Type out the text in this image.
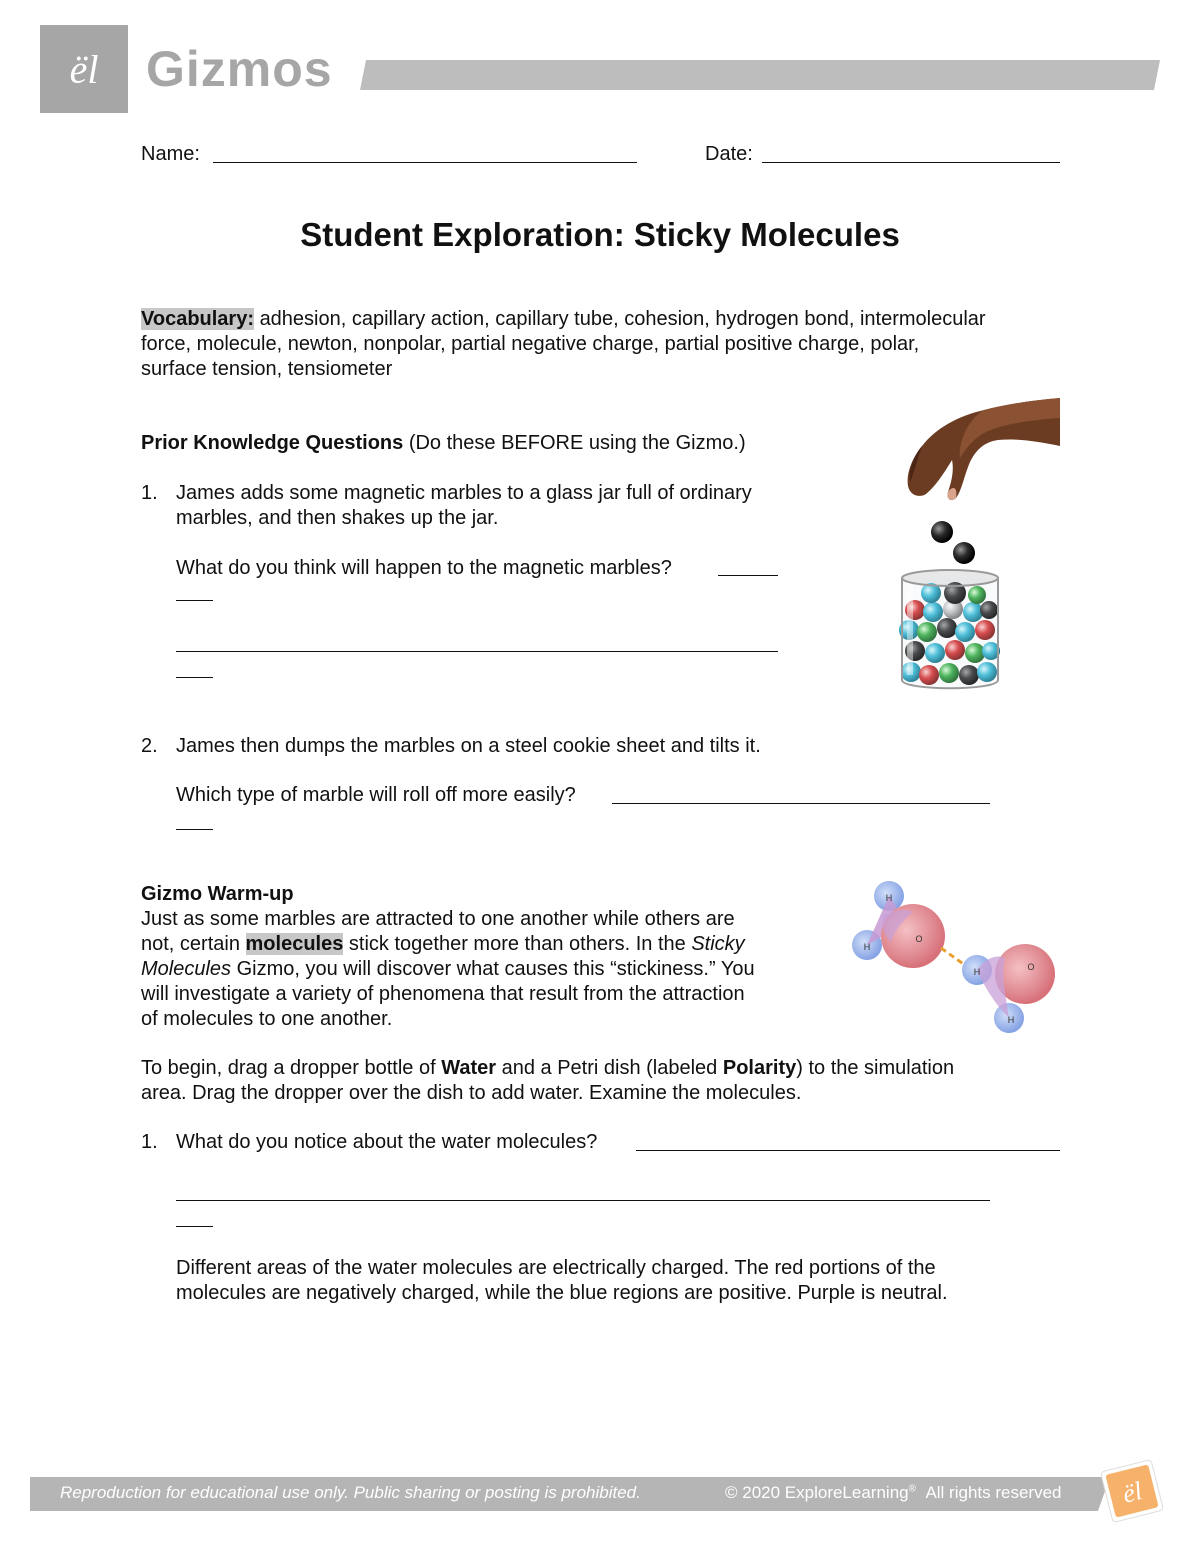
ël Gizmos
Name:	Date:
Student Exploration: Sticky Molecules
Vocabulary: adhesion, capillary action, capillary tube, cohesion, hydrogen bond, intermolecular
force, molecule, newton, nonpolar, partial negative charge, partial positive charge, polar,
surface tension, tensiometer
Prior Knowledge Questions (Do these BEFORE using the Gizmo.)
1. James adds some magnetic marbles to a glass jar full of ordinary
marbles, and then shakes up the jar.
What do you think will happen to the magnetic marbles?
2. James then dumps the marbles on a steel cookie sheet and tilts it.
Which type of marble will roll off more easily?
Gizmo Warm-up
Just as some marbles are attracted to one another while others are
not, certain molecules stick together more than others. In the Sticky
Molecules Gizmo, you will discover what causes this “stickiness.” You
will investigate a variety of phenomena that result from the attraction
of molecules to one another.
H
H
O
H
H
O
To begin, drag a dropper bottle of Water and a Petri dish (labeled Polarity) to the simulation
area. Drag the dropper over the dish to add water. Examine the molecules.
1. What do you notice about the water molecules?
Different areas of the water molecules are electrically charged. The red portions of the
molecules are negatively charged, while the blue regions are positive. Purple is neutral.
Reproduction for educational use only. Public sharing or posting is prohibited.	© 2020 ExploreLearning® All rights reserved ël
